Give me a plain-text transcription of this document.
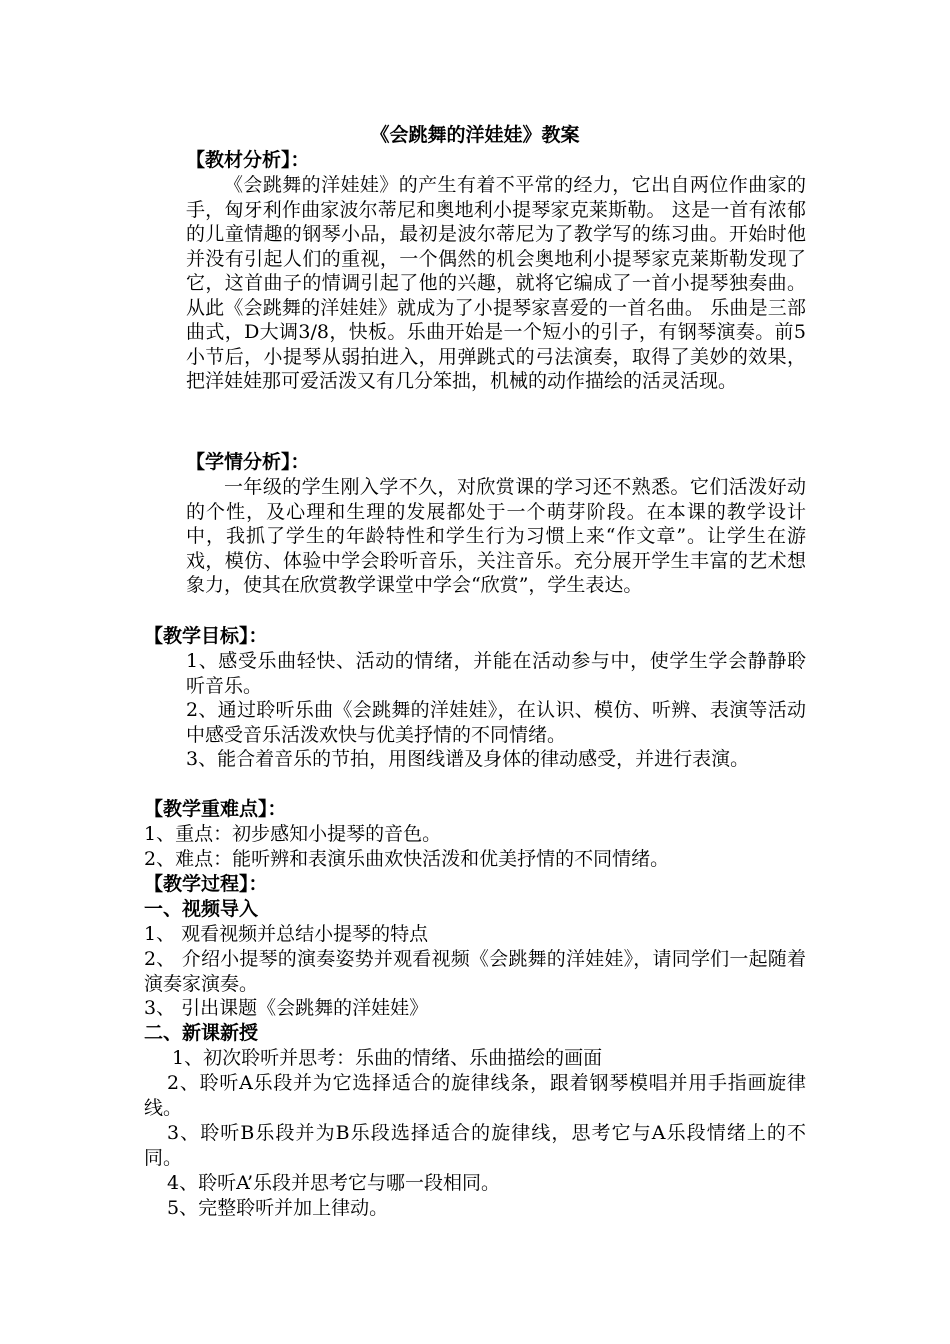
《会跳舞的洋娃娃》教案
【教材分析】：
《会跳舞的洋娃娃》的产生有着不平常的经力，它出自两位作曲家的手，匈牙利作曲家波尔蒂尼和奥地利小提琴家克莱斯勒。 这是一首有浓郁的儿童情趣的钢琴小品，最初是波尔蒂尼为了教学写的练习曲。开始时他并没有引起人们的重视，一个偶然的机会奥地利小提琴家克莱斯勒发现了它，这首曲子的情调引起了他的兴趣，就将它编成了一首小提琴独奏曲。从此《会跳舞的洋娃娃》就成为了小提琴家喜爱的一首名曲。 乐曲是三部曲式，D大调3/8，快板。乐曲开始是一个短小的引子，有钢琴演奏。前5小节后，小提琴从弱拍进入，用弹跳式的弓法演奏，取得了美妙的效果，把洋娃娃那可爱活泼又有几分笨拙，机械的动作描绘的活灵活现。
【学情分析】：
一年级的学生刚入学不久，对欣赏课的学习还不熟悉。它们活泼好动的个性，及心理和生理的发展都处于一个萌芽阶段。在本课的教学设计中，我抓了学生的年龄特性和学生行为习惯上来“作文章”。让学生在游戏，模仿、体验中学会聆听音乐，关注音乐。充分展开学生丰富的艺术想象力，使其在欣赏教学课堂中学会“欣赏”，学生表达。
【教学目标】：
1、感受乐曲轻快、活动的情绪，并能在活动参与中，使学生学会静静聆听音乐。
2、通过聆听乐曲《会跳舞的洋娃娃》，在认识、模仿、听辨、表演等活动中感受音乐活泼欢快与优美抒情的不同情绪。
3、能合着音乐的节拍，用图线谱及身体的律动感受，并进行表演。
【教学重难点】：
1、重点：初步感知小提琴的音色。
2、难点：能听辨和表演乐曲欢快活泼和优美抒情的不同情绪。
【教学过程】：
一、视频导入
1、 观看视频并总结小提琴的特点
2、 介绍小提琴的演奏姿势并观看视频《会跳舞的洋娃娃》，请同学们一起随着演奏家演奏。
3、 引出课题《会跳舞的洋娃娃》
二、新课新授
1、初次聆听并思考：乐曲的情绪、乐曲描绘的画面
2、聆听A乐段并为它选择适合的旋律线条，跟着钢琴模唱并用手指画旋律线。
3、聆听B乐段并为B乐段选择适合的旋律线，思考它与A乐段情绪上的不同。
4、聆听A’乐段并思考它与哪一段相同。
5、完整聆听并加上律动。
